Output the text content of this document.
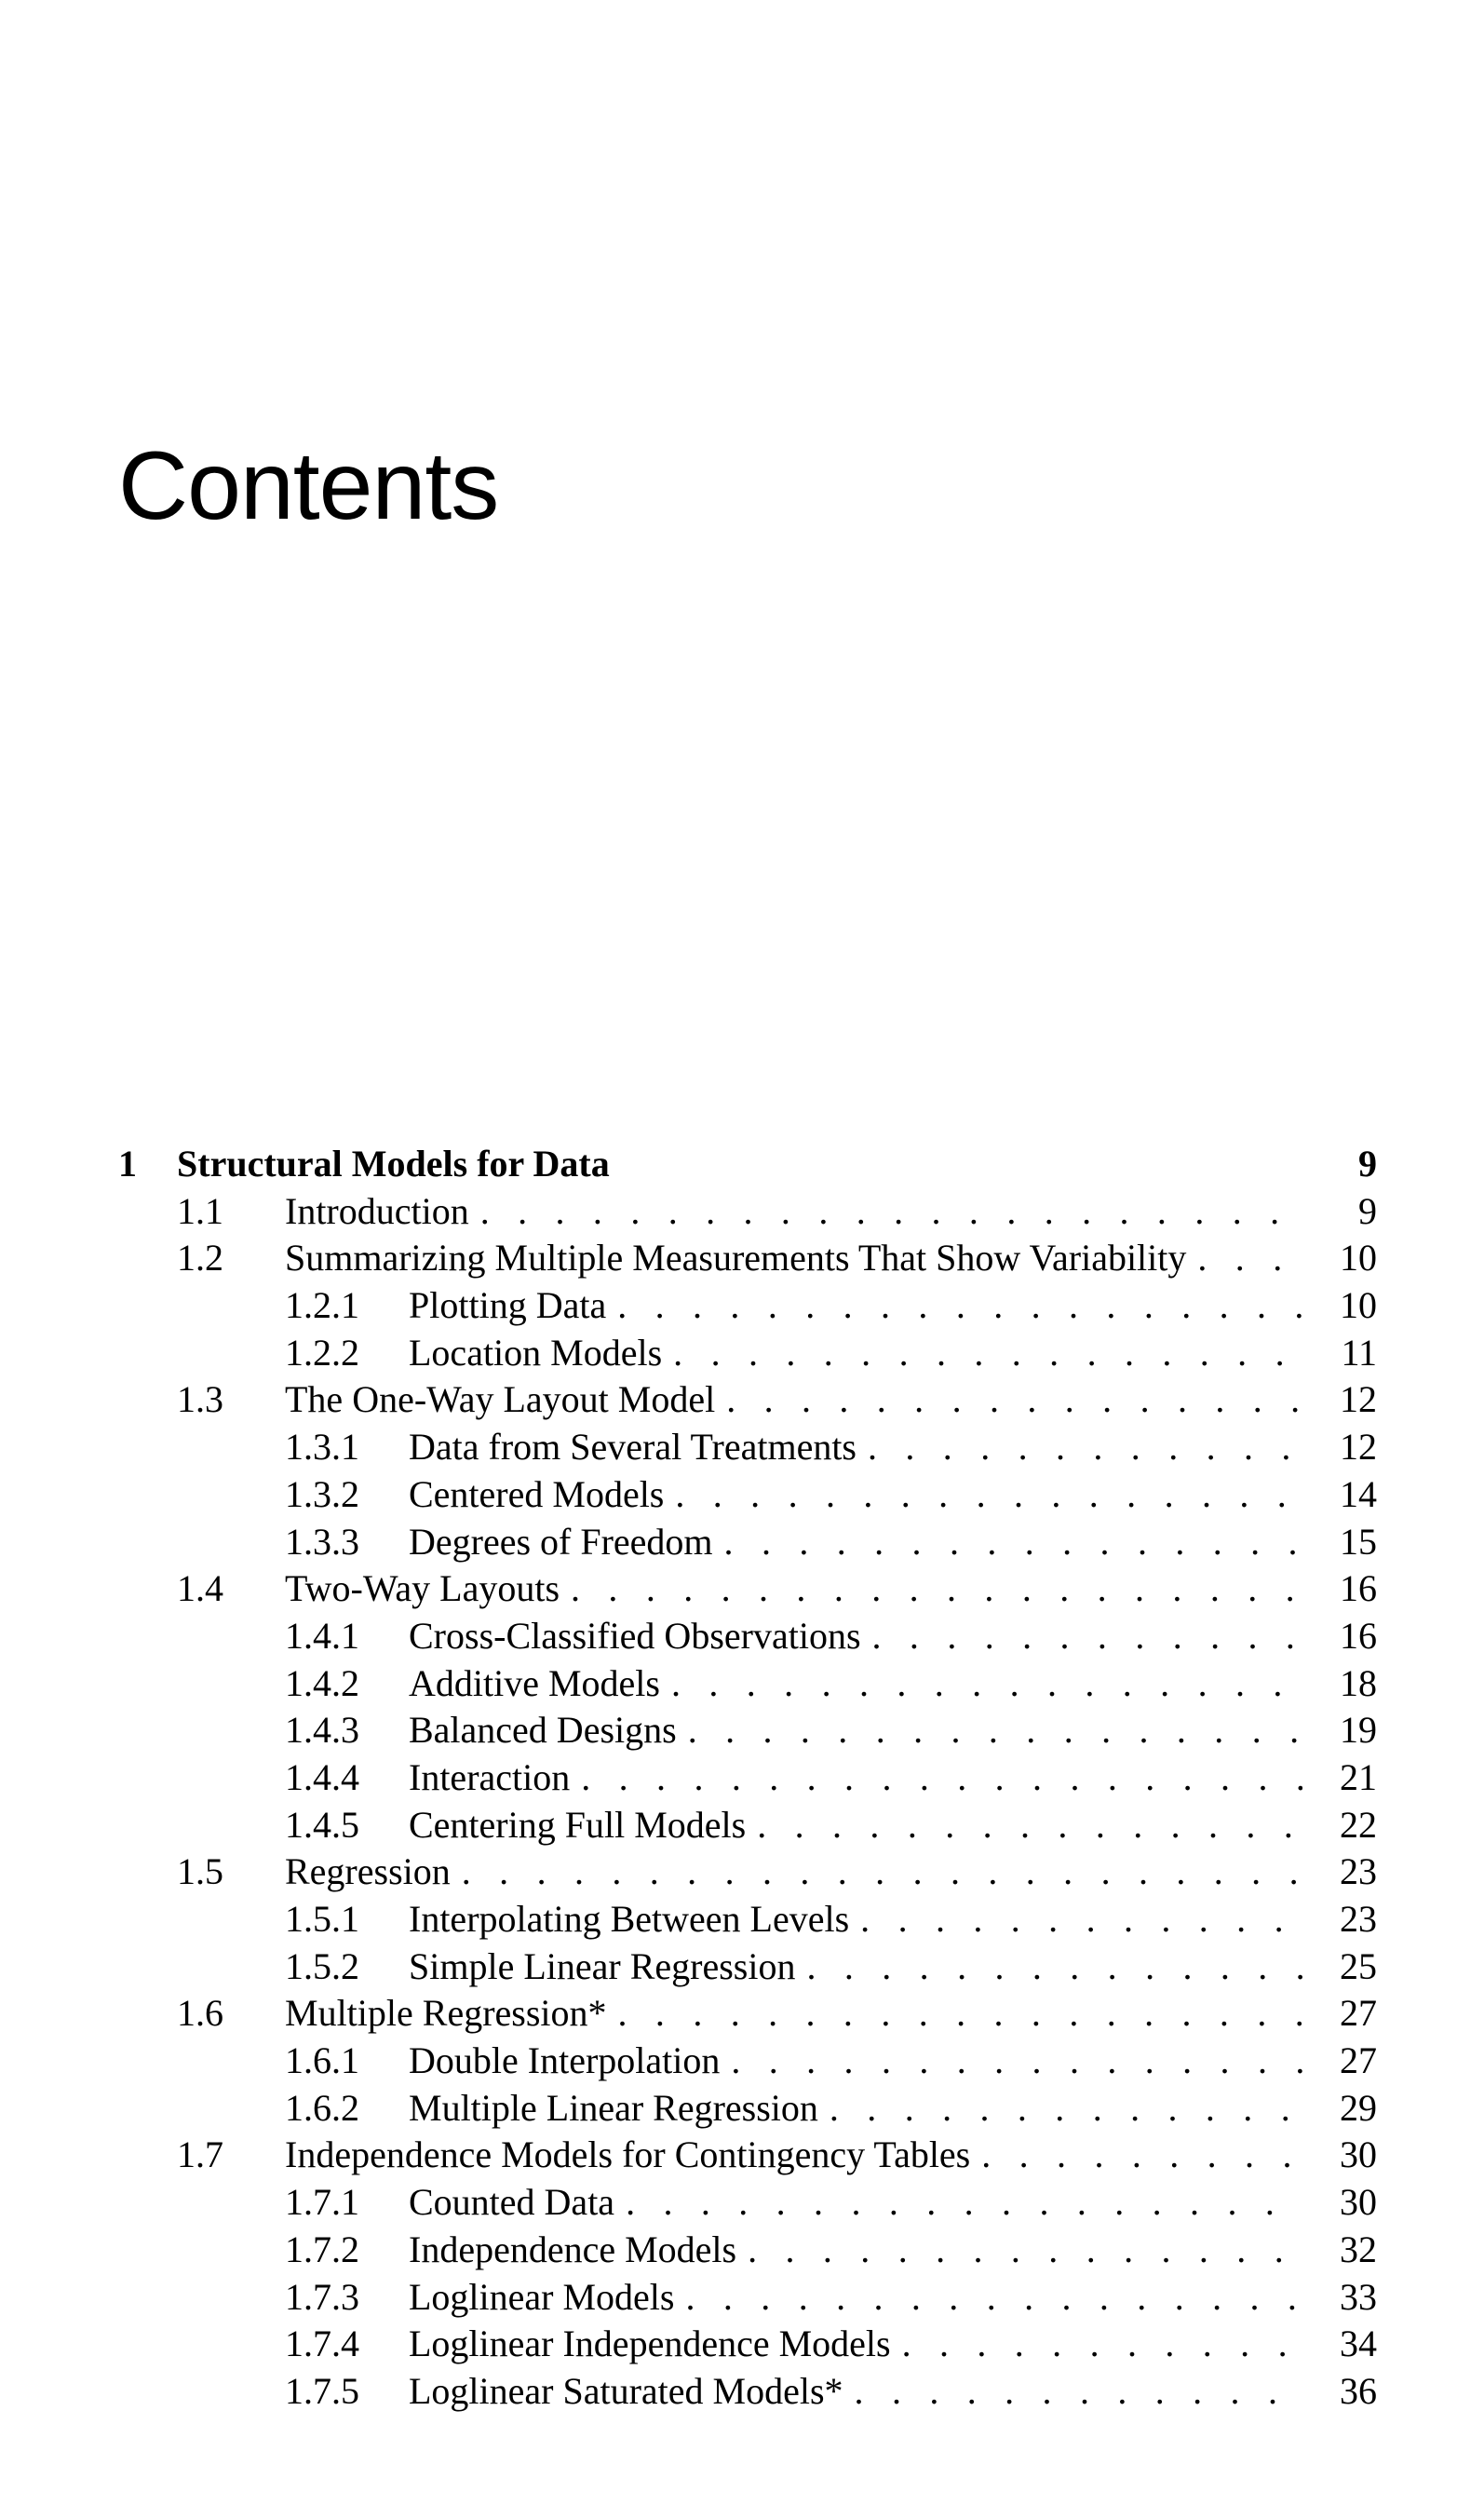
Contents
1 Structural Models for Data	9
1.1 Introduction . . .	9
1.2 Summarizing Multiple Measurements That Show Variability . . .	10
1.2.1 Plotting Data . . .	10
1.2.2 Location Models . . .	11
1.3 The One-Way Layout Model . . .	12
1.3.1 Data from Several Treatments . . .	12
1.3.2 Centered Models . . .	14
1.3.3 Degrees of Freedom . . .	15
1.4 Two-Way Layouts . . .	16
1.4.1 Cross-Classified Observations . . .	16
1.4.2 Additive Models . . .	18
1.4.3 Balanced Designs . . .	19
1.4.4 Interaction . . .	21
1.4.5 Centering Full Models . . .	22
1.5 Regression . . .	23
1.5.1 Interpolating Between Levels . . .	23
1.5.2 Simple Linear Regression . . .	25
1.6 Multiple Regression* . . .	27
1.6.1 Double Interpolation . . .	27
1.6.2 Multiple Linear Regression . . .	29
1.7 Independence Models for Contingency Tables . . .	30
1.7.1 Counted Data . . .	30
1.7.2 Independence Models . . .	32
1.7.3 Loglinear Models . . .	33
1.7.4 Loglinear Independence Models . . .	34
1.7.5 Loglinear Saturated Models* . . .	36
